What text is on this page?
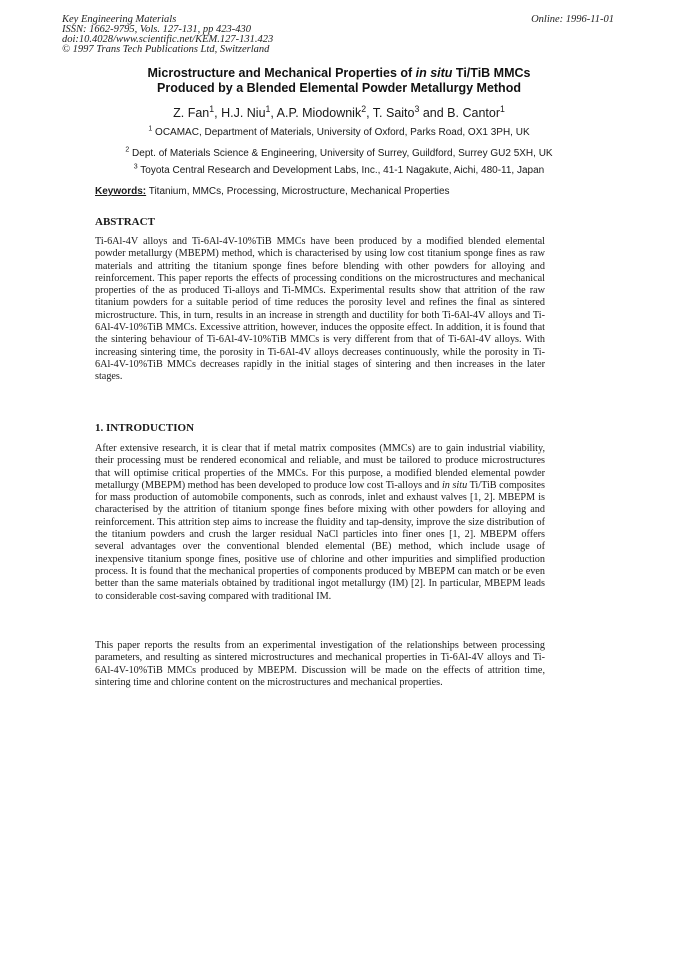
Key Engineering Materials
ISSN: 1662-9795, Vols. 127-131, pp 423-430
doi:10.4028/www.scientific.net/KEM.127-131.423
© 1997 Trans Tech Publications Ltd, Switzerland
Online: 1996-11-01
Microstructure and Mechanical Properties of in situ Ti/TiB MMCs
Produced by a Blended Elemental Powder Metallurgy Method
Z. Fan$^1$, H.J. Niu$^1$, A.P. Miodownik$^2$, T. Saito$^3$ and B. Cantor$^1$
$^1$ OCAMAC, Department of Materials, University of Oxford, Parks Road, OX1 3PH, UK
$^2$ Dept. of Materials Science & Engineering, University of Surrey, Guildford, Surrey GU2 5XH, UK
$^3$ Toyota Central Research and Development Labs, Inc., 41-1 Nagakute, Aichi, 480-11, Japan
Keywords: Titanium, MMCs, Processing, Microstructure, Mechanical Properties
ABSTRACT

Ti-6Al-4V alloys and Ti-6Al-4V-10%TiB MMCs have been produced by a modified blended elemental powder metallurgy (MBEPM) method, which is characterised by using low cost titanium sponge fines as raw materials and attriting the titanium sponge fines before blending with other powders for alloying and reinforcement. This paper reports the effects of processing conditions on the microstructures and mechanical properties of the as produced Ti-alloys and Ti-MMCs. Experimental results show that attrition of the raw titanium powders for a suitable period of time reduces the porosity level and refines the final as sintered microstructure. This, in turn, results in an increase in strength and ductility for both Ti-6Al-4V alloys and Ti-6Al-4V-10%TiB MMCs. Excessive attrition, however, induces the opposite effect. In addition, it is found that the sintering behaviour of Ti-6Al-4V-10%TiB MMCs is very different from that of Ti-6Al-4V alloys. With increasing sintering time, the porosity in Ti-6Al-4V alloys decreases continuously, while the porosity in Ti-6Al-4V-10%TiB MMCs decreases rapidly in the initial stages of sintering and then increases in the later stages.

1. INTRODUCTION

After extensive research, it is clear that if metal matrix composites (MMCs) are to gain industrial viability, their processing must be rendered economical and reliable, and must be tailored to produce microstructures that will optimise critical properties of the MMCs. For this purpose, a modified blended elemental powder metallurgy (MBEPM) method has been developed to produce low cost Ti-alloys and in situ Ti/TiB composites for mass production of automobile components, such as conrods, inlet and exhaust valves [1, 2]. MBEPM is characterised by the attrition of titanium sponge fines before mixing with other powders for alloying and reinforcement. This attrition step aims to increase the fluidity and tap-density, improve the size distribution of the titanium powders and crush the larger residual NaCl particles into finer ones [1, 2]. MBEPM offers several advantages over the conventional blended elemental (BE) method, which include usage of inexpensive titanium sponge fines, positive use of chlorine and other impurities and simplified production process. It is found that the mechanical properties of components produced by MBEPM can match or be even better than the same materials obtained by traditional ingot metallurgy (IM) [2]. In particular, MBEPM leads to considerable cost-saving compared with traditional IM.

This paper reports the results from an experimental investigation of the relationships between processing parameters, and resulting as sintered microstructures and mechanical properties in Ti-6Al-4V alloys and Ti-6Al-4V-10%TiB MMCs produced by MBEPM. Discussion will be made on the effects of attrition time, sintering time and chlorine content on the microstructures and mechanical properties.
